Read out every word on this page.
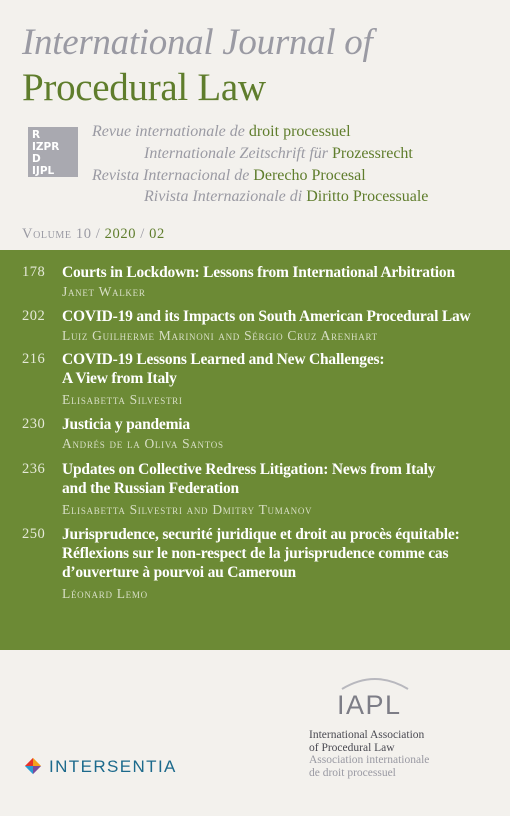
International Journal of
Procedural Law
R
IZPR
D
IJPL
Revue internationale de droit processuel
Internationale Zeitschrift für Prozessrecht
Revista Internacional de Derecho Procesal
Rivista Internazionale di Diritto Processuale
Volume 10 / 2020 / 02
178 Courts in Lockdown: Lessons from International Arbitration
Janet Walker
202 COVID-19 and its Impacts on South American Procedural Law
Luiz Guilherme Marinoni and Sérgio Cruz Arenhart
216 COVID-19 Lessons Learned and New Challenges:
A View from Italy
Elisabetta Silvestri
230 Justicia y pandemia
Andrés de la Oliva Santos
236 Updates on Collective Redress Litigation: News from Italy
and the Russian Federation
Elisabetta Silvestri and Dmitry Tumanov
250 Jurisprudence, securité juridique et droit au procès équitable:
Réflexions sur le non-respect de la jurisprudence comme cas
d’ouverture à pourvoi au Cameroun
Léonard Lemo
IAPL
International Association
of Procedural Law
Association internationale
de droit processuel
INTERSENTIA
